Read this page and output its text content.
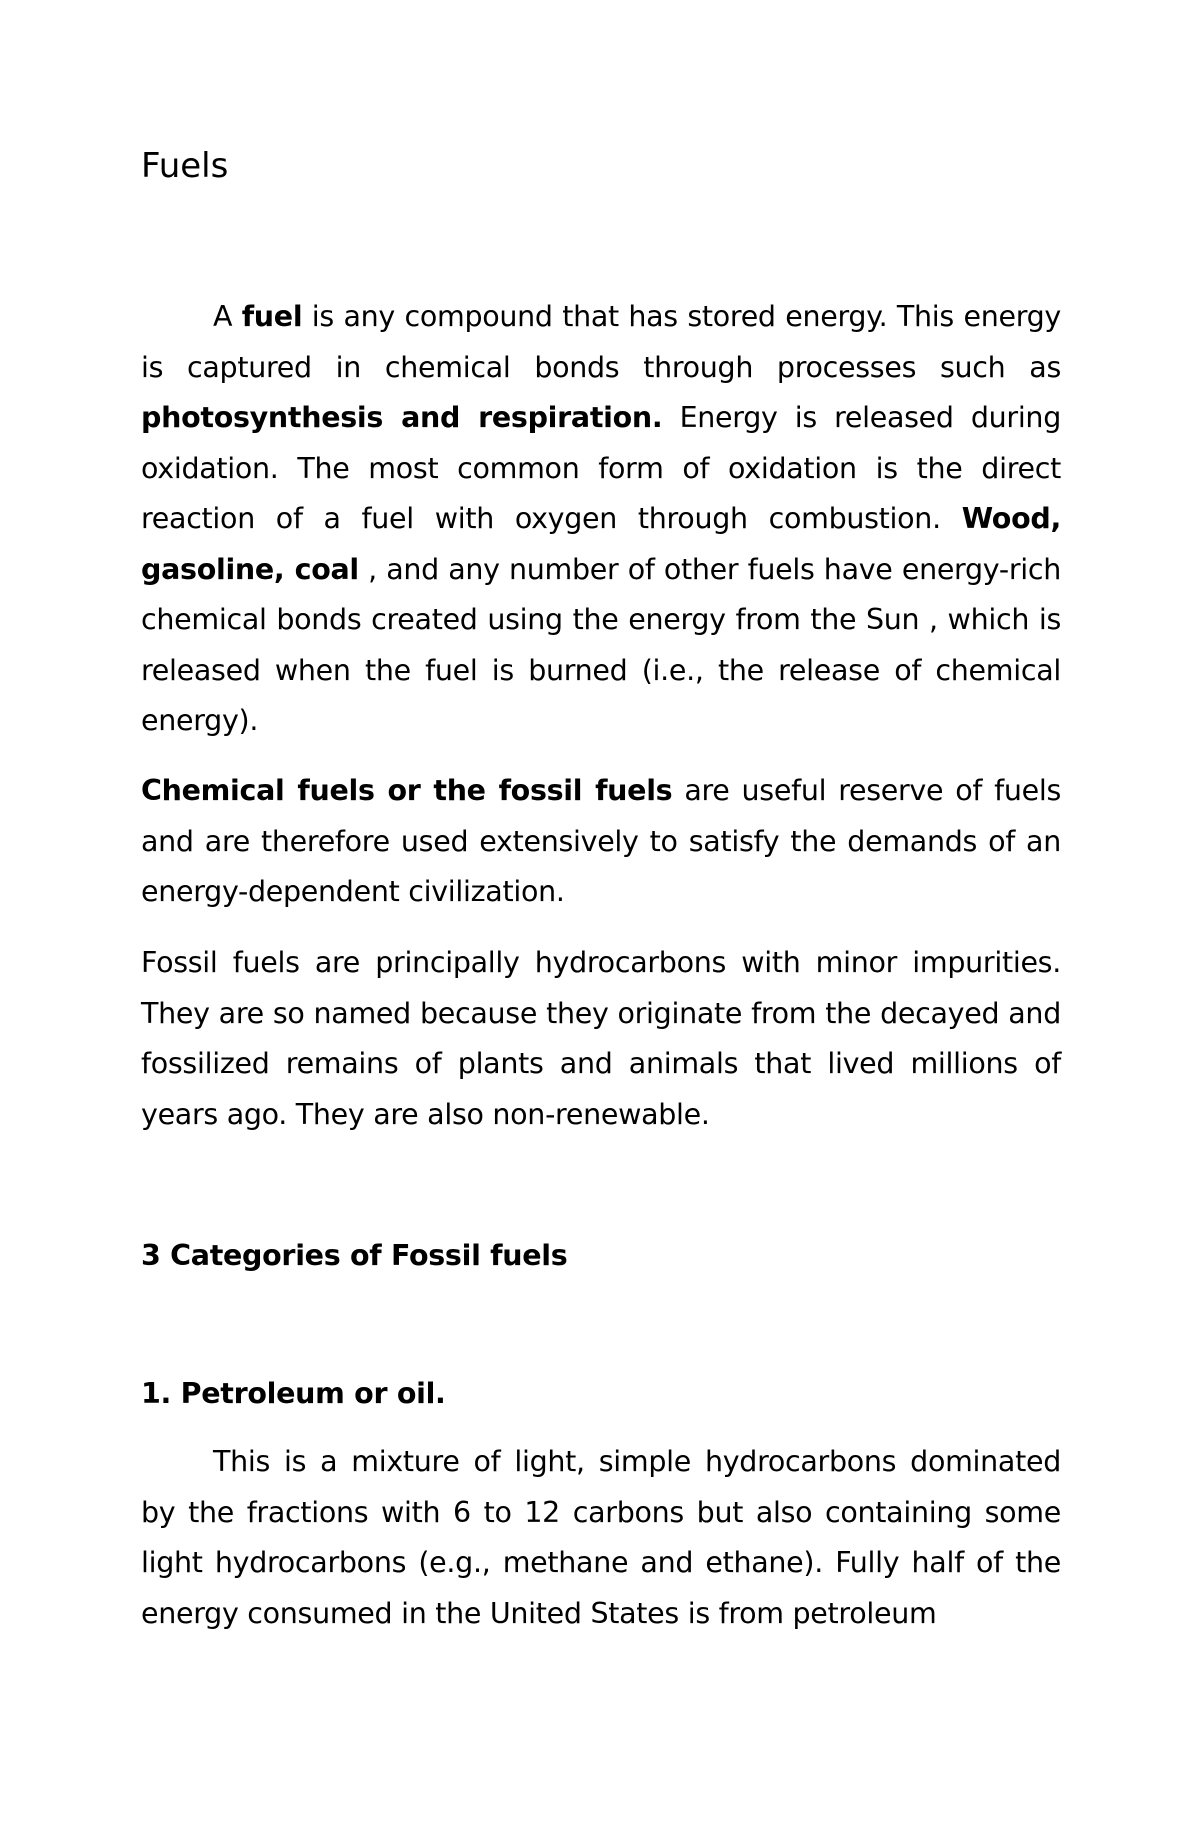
Fuels

A fuel is any compound that has stored energy. This energy is captured in chemical bonds through processes such as photosynthesis and respiration. Energy is released during oxidation. The most common form of oxidation is the direct reaction of a fuel with oxygen through combustion. Wood, gasoline, coal , and any number of other fuels have energy-rich chemical bonds created using the energy from the Sun , which is released when the fuel is burned (i.e., the release of chemical energy).

Chemical fuels or the fossil fuels are useful reserve of fuels and are therefore used extensively to satisfy the demands of an energy-dependent civilization.

Fossil fuels are principally hydrocarbons with minor impurities. They are so named because they originate from the decayed and fossilized remains of plants and animals that lived millions of years ago. They are also non-renewable.

3 Categories of Fossil fuels
1. Petroleum or oil.

This is a mixture of light, simple hydrocarbons dominated by the fractions with 6 to 12 carbons but also containing some light hydrocarbons (e.g., methane and ethane). Fully half of the energy consumed in the United States is from petroleum
